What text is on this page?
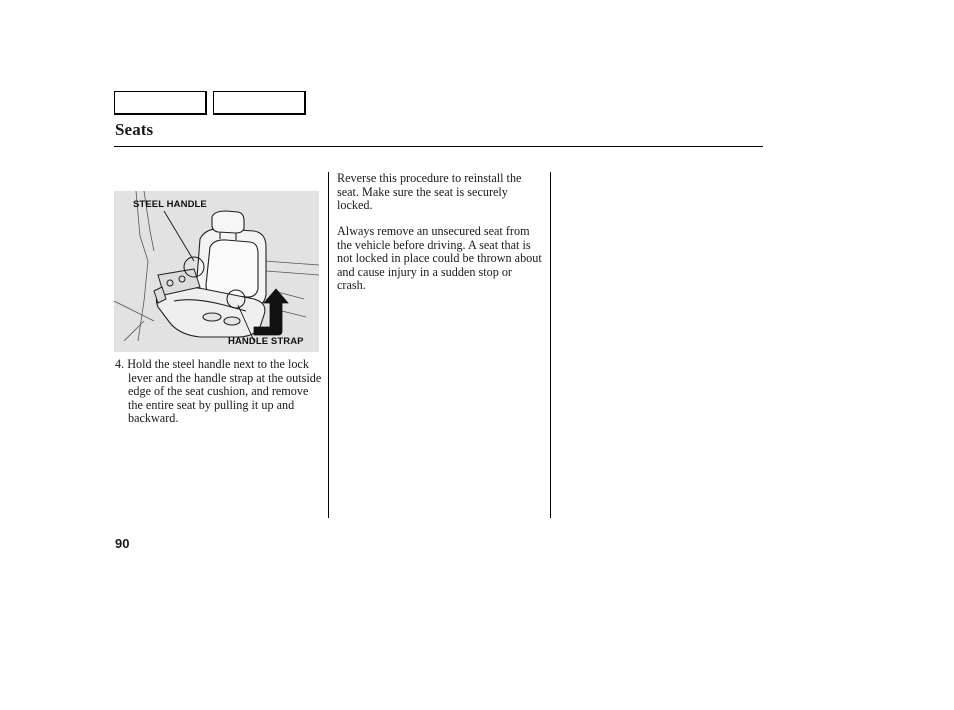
Seats
STEEL HANDLE
HANDLE STRAP

4. Hold the steel handle next to the lock lever and the handle strap at the outside edge of the seat cushion, and remove the entire seat by pulling it up and backward.

Reverse this procedure to reinstall the seat. Make sure the seat is securely locked.

Always remove an unsecured seat from the vehicle before driving. A seat that is not locked in place could be thrown about and cause injury in a sudden stop or crash.

90
